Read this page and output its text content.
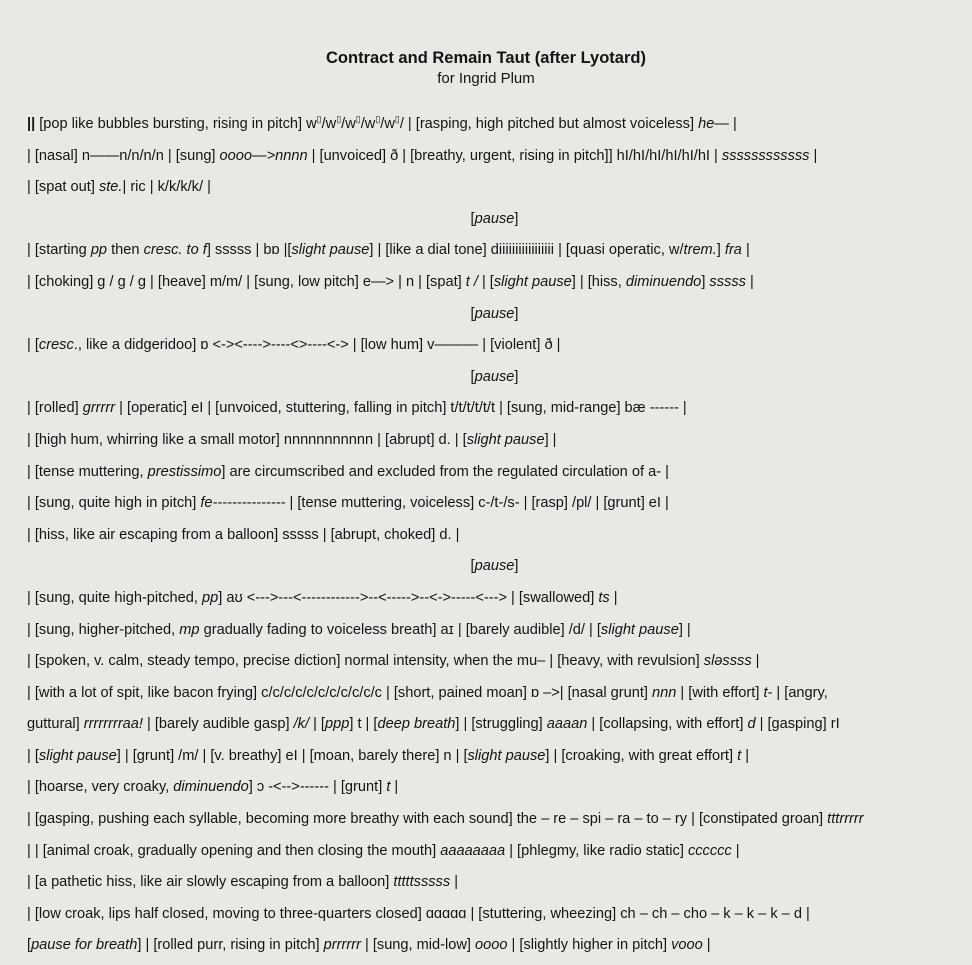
Contract and Remain Taut (after Lyotard)
for Ingrid Plum
|| [pop like bubbles bursting, rising in pitch] w▯/w▯/w▯/w▯/w▯/ | [rasping, high pitched but almost voiceless] he— |
| [nasal] n——n/n/n/n | [sung] oooo—>nnnn | [unvoiced] ð | [breathy, urgent, rising in pitch]] hI/hI/hI/hI/hI/hI | ssssssssssss |
| [spat out] ste.| ric | k/k/k/k/ |
[pause]
| [starting pp then cresc. to f] sssss | bɒ |[slight pause] | [like a dial tone] diiiiiiiiiiiiiiiii | [quasi operatic, w/trem.] fra |
| [choking] g / g / g | [heave] m/m/ | [sung, low pitch] e—> | n | [spat] t / | [slight pause] | [hiss, diminuendo] sssss |
[pause]
| [cresc., like a didgeridoo] ɒ <-><---->----<>----<-> | [low hum] v——— | [violent] ð |
[pause]
| [rolled] grrrrr | [operatic] eI | [unvoiced, stuttering, falling in pitch] t/t/t/t/t/t | [sung, mid-range] bæ ------ |
| [high hum, whirring like a small motor] nnnnnnnnnnn | [abrupt] d. | [slight pause] |
| [tense muttering, prestissimo] are circumscribed and excluded from the regulated circulation of a- |
| [sung, quite high in pitch] fe--------------- | [tense muttering, voiceless] c-/t-/s- | [rasp] /pl/ | [grunt] eI |
| [hiss, like air escaping from a balloon] sssss | [abrupt, choked] d. |
[pause]
| [sung, quite high-pitched, pp] aʊ <--->---<------------>--<----->--<->-----<---> | [swallowed] ts |
| [sung, higher-pitched, mp gradually fading to voiceless breath] aɪ | [barely audible] /d/ | [slight pause] |
| [spoken, v. calm, steady tempo, precise diction] normal intensity, when the mu– | [heavy, with revulsion] sləssss |
| [with a lot of spit, like bacon frying] c/c/c/c/c/c/c/c/c/c/c | [short, pained moan] ɒ –>| [nasal grunt] nnn | [with effort] t- | [angry,
guttural] rrrrrrrraa! | [barely audible gasp] /k/ | [ppp] t | [deep breath] | [struggling] aaaan | [collapsing, with effort] d | [gasping] rI
| [slight pause] | [grunt] /m/ | [v. breathy] eI | [moan, barely there] n | [slight pause] | [croaking, with great effort] t |
| [hoarse, very croaky, diminuendo] ɔ -<-->------ | [grunt] t |
| [gasping, pushing each syllable, becoming more breathy with each sound] the – re – spi – ra – to – ry | [constipated groan] tttrrrrr
| | [animal croak, gradually opening and then closing the mouth] aaaaaaaa | [phlegmy, like radio static] cccccc |
| [a pathetic hiss, like air slowly escaping from a balloon] tttttsssss |
| [low croak, lips half closed, moving to three-quarters closed] ɑɑɑɑɑ | [stuttering, wheezing] ch – ch – cho – k – k – k – d |
[pause for breath] | [rolled purr, rising in pitch] prrrrrr | [sung, mid-low] oooo | [slightly higher in pitch] vooo |
